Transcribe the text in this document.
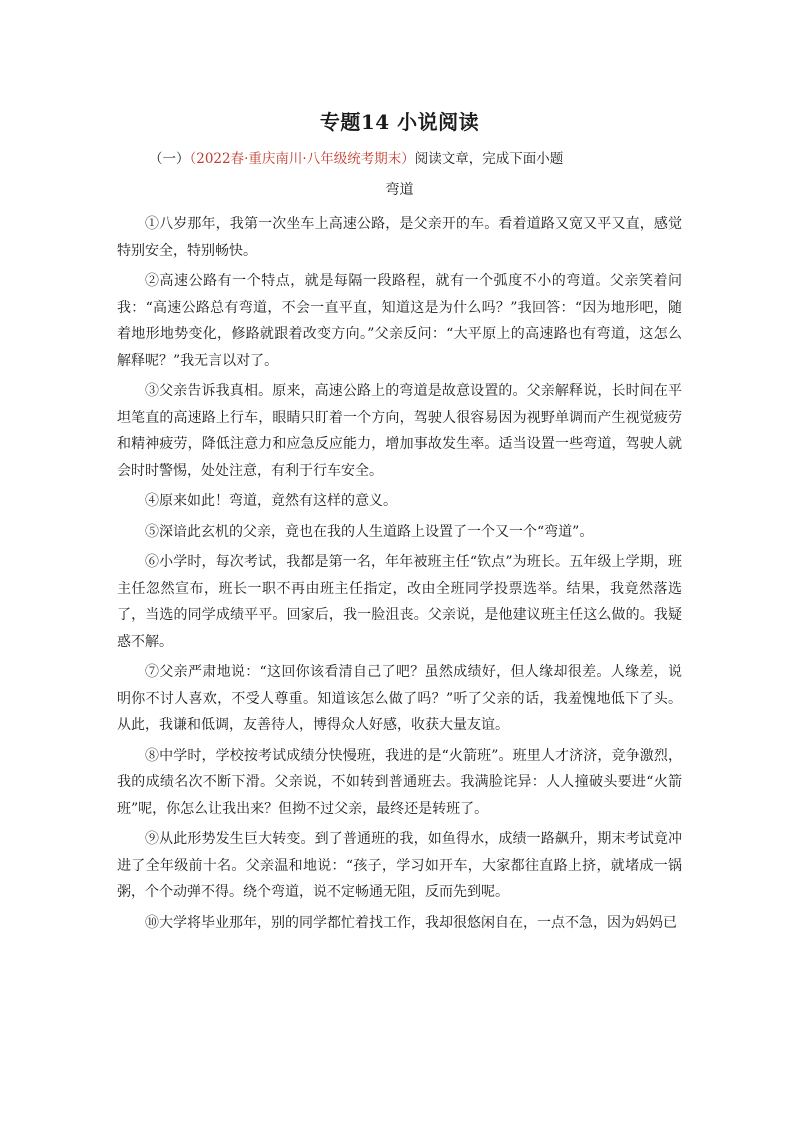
专题14 小说阅读

（一）（2022春·重庆南川·八年级统考期末）阅读文章，完成下面小题

弯道

①八岁那年，我第一次坐车上高速公路，是父亲开的车。看着道路又宽又平又直，感觉特别安全，特别畅快。

②高速公路有一个特点，就是每隔一段路程，就有一个弧度不小的弯道。父亲笑着问我：“高速公路总有弯道，不会一直平直，知道这是为什么吗？”我回答：“因为地形吧，随着地形地势变化，修路就跟着改变方向。”父亲反问：“大平原上的高速路也有弯道，这怎么解释呢？”我无言以对了。

③父亲告诉我真相。原来，高速公路上的弯道是故意设置的。父亲解释说，长时间在平坦笔直的高速路上行车，眼睛只盯着一个方向，驾驶人很容易因为视野单调而产生视觉疲劳和精神疲劳，降低注意力和应急反应能力，增加事故发生率。适当设置一些弯道，驾驶人就会时时警惕，处处注意，有利于行车安全。

④原来如此！弯道，竟然有这样的意义。

⑤深谙此玄机的父亲，竟也在我的人生道路上设置了一个又一个“弯道”。

⑥小学时，每次考试，我都是第一名，年年被班主任“钦点”为班长。五年级上学期，班主任忽然宣布，班长一职不再由班主任指定，改由全班同学投票选举。结果，我竟然落选了，当选的同学成绩平平。回家后，我一脸沮丧。父亲说，是他建议班主任这么做的。我疑惑不解。

⑦父亲严肃地说：“这回你该看清自己了吧？虽然成绩好，但人缘却很差。人缘差，说明你不讨人喜欢，不受人尊重。知道该怎么做了吗？”听了父亲的话，我羞愧地低下了头。从此，我谦和低调，友善待人，博得众人好感，收获大量友谊。

⑧中学时，学校按考试成绩分快慢班，我进的是“火箭班”。班里人才济济，竞争激烈，我的成绩名次不断下滑。父亲说，不如转到普通班去。我满脸诧异：人人撞破头要进“火箭班”呢，你怎么让我出来？但拗不过父亲，最终还是转班了。

⑨从此形势发生巨大转变。到了普通班的我，如鱼得水，成绩一路飙升，期末考试竟冲进了全年级前十名。父亲温和地说：“孩子，学习如开车，大家都往直路上挤，就堵成一锅粥，个个动弹不得。绕个弯道，说不定畅通无阻，反而先到呢。

⑩大学将毕业那年，别的同学都忙着找工作，我却很悠闲自在，一点不急，因为妈妈已
